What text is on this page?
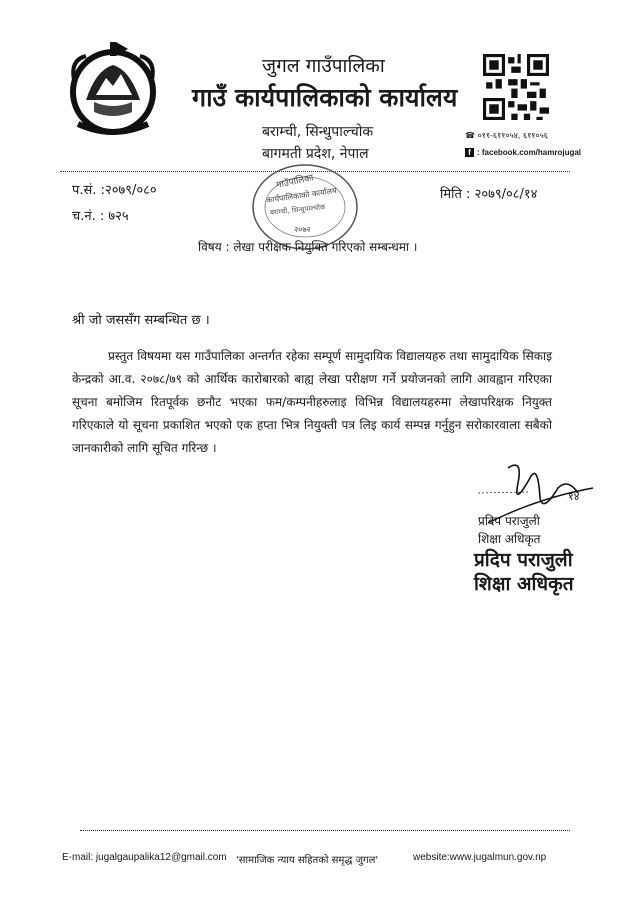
जुगल गाउँपालिका
गाउँ कार्यपालिकाको कार्यालय
बराम्ची, सिन्धुपाल्चोक
बागमती प्रदेश, नेपाल
☎ ०११-६११०५४, ६११०५६
f : facebook.com/hamrojugal
प.सं. :२०७९/०८०
च.नं. : ७२५
मिति : २०७९/०८/१४
गाउँपालिका
कार्यपालिकाको कार्यालय
बराम्ची, सिन्धुपाल्चोक
२०७२
विषय : लेखा परीक्षक नियुक्ति गरिएको सम्बन्धमा ।
श्री जो जससँग सम्बन्धित छ ।
प्रस्तुत विषयमा यस गाउँपालिका अन्तर्गत रहेका सम्पूर्ण सामुदायिक विद्यालयहरु तथा सामुदायिक सिकाइ केन्द्रको आ.व. २०७८/७९ को आर्थिक कारोबारको बाह्य लेखा परीक्षण गर्ने प्रयोजनको लागि आवह्वान गरिएका सूचना बमोजिम रितपूर्वक छनौट भएका फम/कम्पनीहरुलाइ विभिन्न विद्यालयहरुमा लेखापरिक्षक नियुक्त गरिएकाले यो सूचना प्रकाशित भएको एक हप्ता भित्र नियुक्ती पत्र लिइ कार्य सम्पन्न गर्नुहुन सरोकारवाला सबैको जानकारीको लागि सूचित गरिन्छ ।
१४
प्रदिप पराजुली
शिक्षा अधिकृत
प्रदिप पराजुली
शिक्षा अधिकृत
E-mail: jugalgaupalika12@gmail.com 'सामाजिक न्याय सहितको समृद्ध जुगल'	website:www.jugalmun.gov.np
